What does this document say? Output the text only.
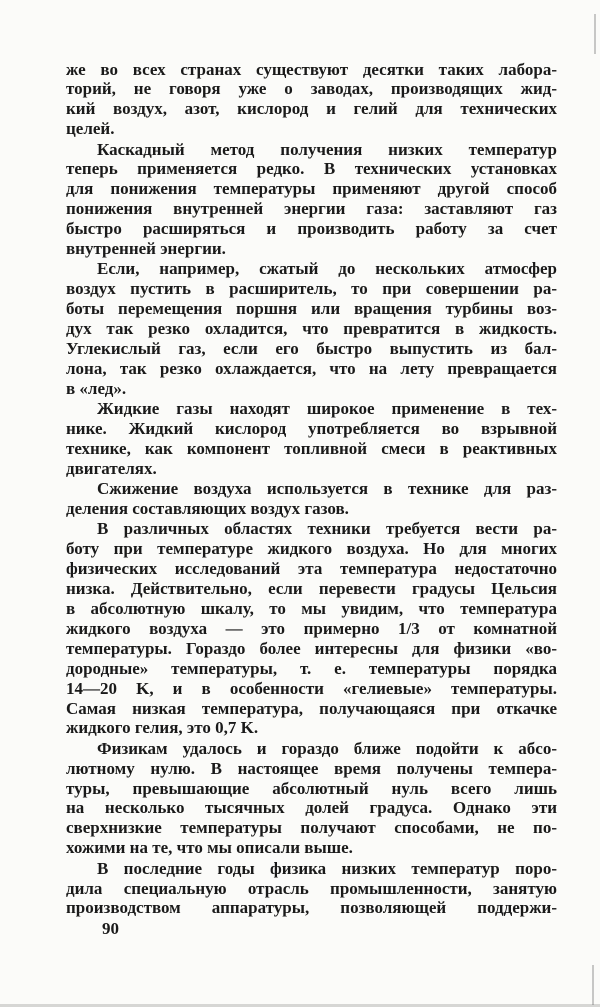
же во всех странах существуют десятки таких лабора-
торий, не говоря уже о заводах, производящих жид-
кий воздух, азот, кислород и гелий для технических
целей.
Каскадный метод получения низких температур
теперь применяется редко. В технических установках
для понижения температуры применяют другой способ
понижения внутренней энергии газа: заставляют газ
быстро расширяться и производить работу за счет
внутренней энергии.
Если, например, сжатый до нескольких атмосфер
воздух пустить в расширитель, то при совершении ра-
боты перемещения поршня или вращения турбины воз-
дух так резко охладится, что превратится в жидкость.
Углекислый газ, если его быстро выпустить из бал-
лона, так резко охлаждается, что на лету превращается
в «лед».
Жидкие газы находят широкое применение в тех-
нике. Жидкий кислород употребляется во взрывной
технике, как компонент топливной смеси в реактивных
двигателях.
Сжижение воздуха используется в технике для раз-
деления составляющих воздух газов.
В различных областях техники требуется вести ра-
боту при температуре жидкого воздуха. Но для многих
физических исследований эта температура недостаточно
низка. Действительно, если перевести градусы Цельсия
в абсолютную шкалу, то мы увидим, что температура
жидкого воздуха — это примерно 1/3 от комнатной
температуры. Гораздо более интересны для физики «во-
дородные» температуры, т. е. температуры порядка
14—20 K, и в особенности «гелиевые» температуры.
Самая низкая температура, получающаяся при откачке
жидкого гелия, это 0,7 K.
Физикам удалось и гораздо ближе подойти к абсо-
лютному нулю. В настоящее время получены темпера-
туры, превышающие абсолютный нуль всего лишь
на несколько тысячных долей градуса. Однако эти
сверхнизкие температуры получают способами, не по-
хожими на те, что мы описали выше.
В последние годы физика низких температур поро-
дила специальную отрасль промышленности, занятую
производством аппаратуры, позволяющей поддержи-
90
